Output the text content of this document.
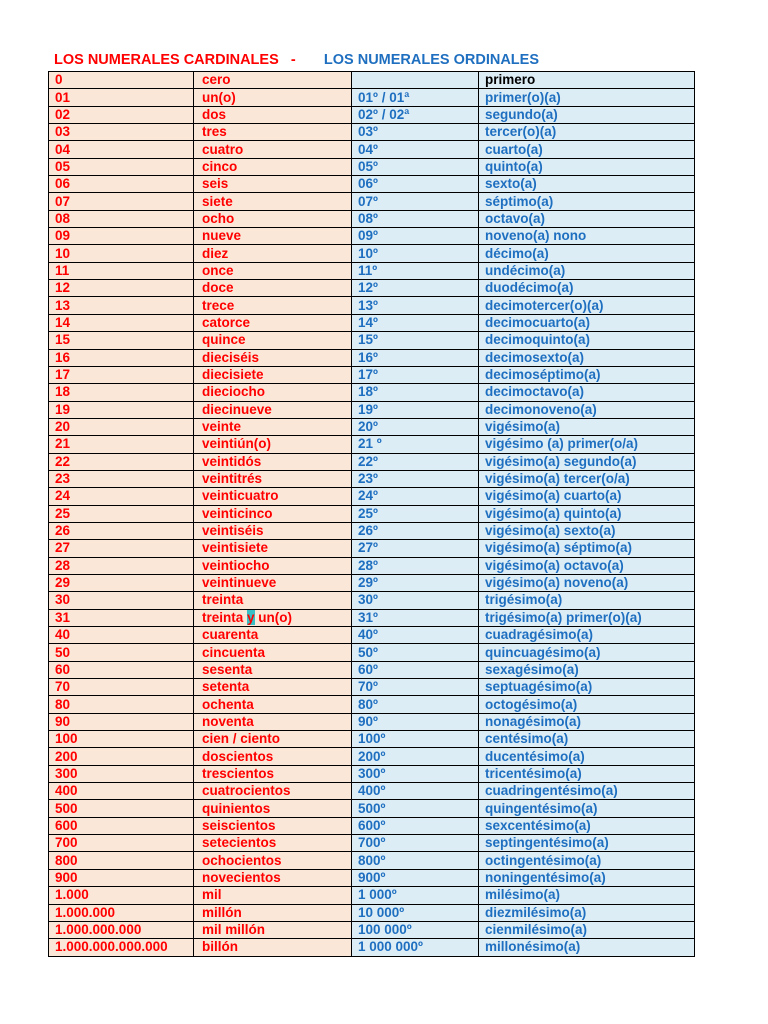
LOS NUMERALES CARDINALES - LOS NUMERALES ORDINALES
0	cero		primero
01	un(o)	01º / 01ª	primer(o)(a)
02	dos	02º / 02ª	segundo(a)
03	tres	03º	tercer(o)(a)
04	cuatro	04º	cuarto(a)
05	cinco	05º	quinto(a)
06	seis	06º	sexto(a)
07	siete	07º	séptimo(a)
08	ocho	08º	octavo(a)
09	nueve	09º	noveno(a) nono
10	diez	10º	décimo(a)
11	once	11º	undécimo(a)
12	doce	12º	duodécimo(a)
13	trece	13º	decimotercer(o)(a)
14	catorce	14º	decimocuarto(a)
15	quince	15º	decimoquinto(a)
16	dieciséis	16º	decimosexto(a)
17	diecisiete	17º	decimoséptimo(a)
18	dieciocho	18º	decimoctavo(a)
19	diecinueve	19º	decimonoveno(a)
20	veinte	20º	vigésimo(a)
21	veintiún(o)	21 º	vigésimo (a) primer(o/a)
22	veintidós	22º	vigésimo(a) segundo(a)
23	veintitrés	23º	vigésimo(a) tercer(o/a)
24	veinticuatro	24º	vigésimo(a) cuarto(a)
25	veinticinco	25º	vigésimo(a) quinto(a)
26	veintiséis	26º	vigésimo(a) sexto(a)
27	veintisiete	27º	vigésimo(a) séptimo(a)
28	veintiocho	28º	vigésimo(a) octavo(a)
29	veintinueve	29º	vigésimo(a) noveno(a)
30	treinta	30º	trigésimo(a)
31	treinta y un(o)	31º	trigésimo(a) primer(o)(a)
40	cuarenta	40º	cuadragésimo(a)
50	cincuenta	50º	quincuagésimo(a)
60	sesenta	60º	sexagésimo(a)
70	setenta	70º	septuagésimo(a)
80	ochenta	80º	octogésimo(a)
90	noventa	90º	nonagésimo(a)
100	cien / ciento	100º	centésimo(a)
200	doscientos	200º	ducentésimo(a)
300	trescientos	300º	tricentésimo(a)
400	cuatrocientos	400º	cuadringentésimo(a)
500	quinientos	500º	quingentésimo(a)
600	seiscientos	600º	sexcentésimo(a)
700	setecientos	700º	septingentésimo(a)
800	ochocientos	800º	octingentésimo(a)
900	novecientos	900º	noningentésimo(a)
1.000	mil	1 000º	milésimo(a)
1.000.000	millón	10 000º	diezmilésimo(a)
1.000.000.000	mil millón	100 000º	cienmilésimo(a)
1.000.000.000.000	billón	1 000 000º	millonésimo(a)
